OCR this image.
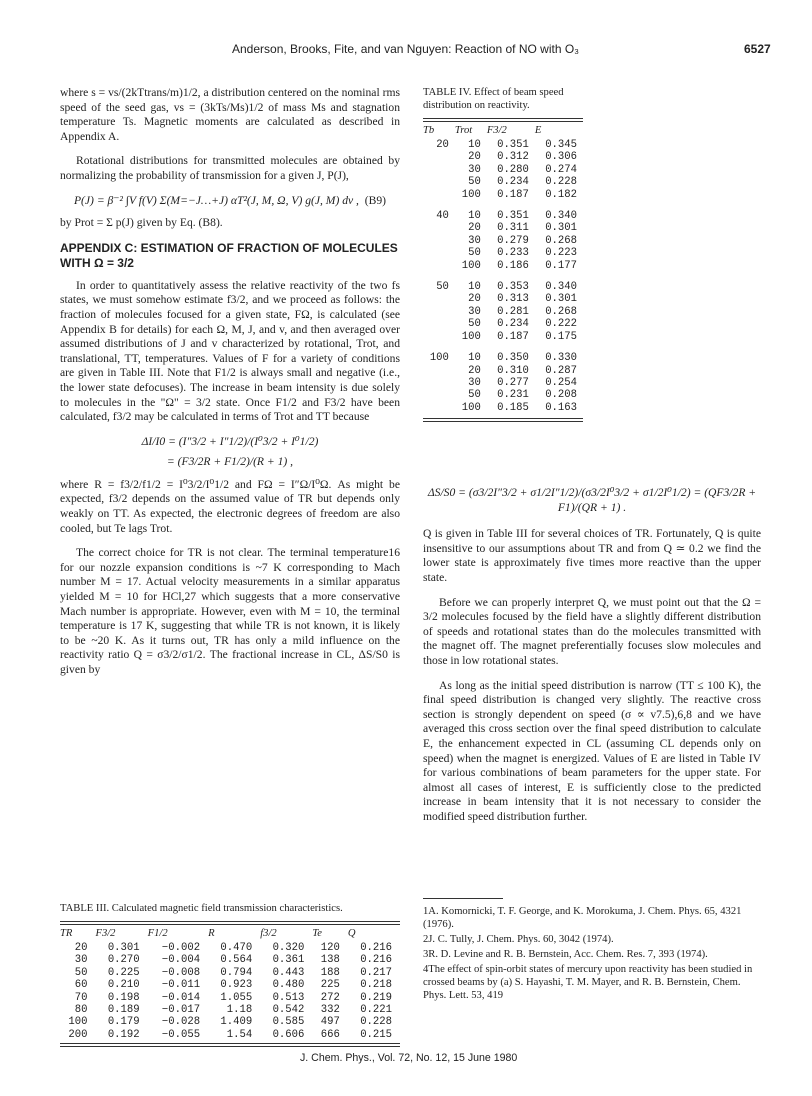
Anderson, Brooks, Fite, and van Nguyen: Reaction of NO with O₃	6527

where s = vs/(2kTtrans/m)1/2, a distribution centered on the nominal rms speed of the seed gas, vs = (3kTs/Ms)1/2 of mass Ms and stagnation temperature Ts. Magnetic moments are calculated as described in Appendix A.

Rotational distributions for transmitted molecules are obtained by normalizing the probability of transmission for a given J, P(J),

P(J) = β⁻² ∫V f(V) Σ(M=−J…+J) αT²(J, M, Ω, V) g(J, M) dv , (B9)

by Prot = Σ p(J) given by Eq. (B8).

APPENDIX C: ESTIMATION OF FRACTION OF MOLECULES WITH Ω = 3/2

In order to quantitatively assess the relative reactivity of the two fs states, we must somehow estimate f3/2, and we proceed as follows: the fraction of molecules focused for a given state, FΩ, is calculated (see Appendix B for details) for each Ω, M, J, and v, and then averaged over assumed distributions of J and v characterized by rotational, Trot, and translational, TT, temperatures. Values of F for a variety of conditions are given in Table III. Note that F1/2 is always small and negative (i.e., the lower state defocuses). The increase in beam intensity is due solely to molecules in the "Ω" = 3/2 state. Once F1/2 and F3/2 have been calculated, f3/2 may be calculated in terms of Trot and TT because

ΔI/I0 = (I″3/2 + I″1/2)/(I⁰3/2 + I⁰1/2)
= (F3/2R + F1/2)/(R + 1) ,

where R = f3/2/f1/2 = I⁰3/2/I⁰1/2 and FΩ = I″Ω/I⁰Ω. As might be expected, f3/2 depends on the assumed value of TR but depends only weakly on TT. As expected, the electronic degrees of freedom are also cooled, but Te lags Trot.

The correct choice for TR is not clear. The terminal temperature16 for our nozzle expansion conditions is ~7 K corresponding to Mach number M = 17. Actual velocity measurements in a similar apparatus yielded M = 10 for HCl,27 which suggests that a more conservative Mach number is appropriate. However, even with M = 10, the terminal temperature is 17 K, suggesting that while TR is not known, it is likely to be ~20 K. As it turns out, TR has only a mild influence on the reactivity ratio Q = σ3/2/σ1/2. The fractional increase in CL, ΔS/S0 is given by

TABLE III. Calculated magnetic field transmission characteristics.

TR	F3/2	F1/2	R	f3/2	Te	Q
20	0.301	−0.002	0.470	0.320	120	0.216
30	0.270	−0.004	0.564	0.361	138	0.216
50	0.225	−0.008	0.794	0.443	188	0.217
60	0.210	−0.011	0.923	0.480	225	0.218
70	0.198	−0.014	1.055	0.513	272	0.219
80	0.189	−0.017	1.18	0.542	332	0.221
100	0.179	−0.028	1.409	0.585	497	0.228
200	0.192	−0.055	1.54	0.606	666	0.215

TABLE IV. Effect of beam speed distribution on reactivity.

Tb	Trot	F3/2	E
20	10	0.351	0.345
	20	0.312	0.306
	30	0.280	0.274
	50	0.234	0.228
	100	0.187	0.182

40	10	0.351	0.340
	20	0.311	0.301
	30	0.279	0.268
	50	0.233	0.223
	100	0.186	0.177

50	10	0.353	0.340
	20	0.313	0.301
	30	0.281	0.268
	50	0.234	0.222
	100	0.187	0.175

100	10	0.350	0.330
	20	0.310	0.287
	30	0.277	0.254
	50	0.231	0.208
	100	0.185	0.163
ΔS/S0 = (σ3/2I″3/2 + σ1/2I″1/2)/(σ3/2I⁰3/2 + σ1/2I⁰1/2) = (QF3/2R + F1)/(QR + 1) .

Q is given in Table III for several choices of TR. Fortunately, Q is quite insensitive to our assumptions about TR and from Q ≃ 0.2 we find the lower state is approximately five times more reactive than the upper state.

Before we can properly interpret Q, we must point out that the Ω = 3/2 molecules focused by the field have a slightly different distribution of speeds and rotational states than do the molecules transmitted with the magnet off. The magnet preferentially focuses slow molecules and those in low rotational states.

As long as the initial speed distribution is narrow (TT ≤ 100 K), the final speed distribution is changed very slightly. The reactive cross section is strongly dependent on speed (σ ∝ v7.5),6,8 and we have averaged this cross section over the final speed distribution to calculate E, the enhancement expected in CL (assuming CL depends only on speed) when the magnet is energized. Values of E are listed in Table IV for various combinations of beam parameters for the upper state. For almost all cases of interest, E is sufficiently close to the predicted increase in beam intensity that it is not necessary to consider the modified speed distribution further.

1A. Komornicki, T. F. George, and K. Morokuma, J. Chem. Phys. 65, 4321 (1976).

2J. C. Tully, J. Chem. Phys. 60, 3042 (1974).

3R. D. Levine and R. B. Bernstein, Acc. Chem. Res. 7, 393 (1974).

4The effect of spin-orbit states of mercury upon reactivity has been studied in crossed beams by (a) S. Hayashi, T. M. Mayer, and R. B. Bernstein, Chem. Phys. Lett. 53, 419

J. Chem. Phys., Vol. 72, No. 12, 15 June 1980
